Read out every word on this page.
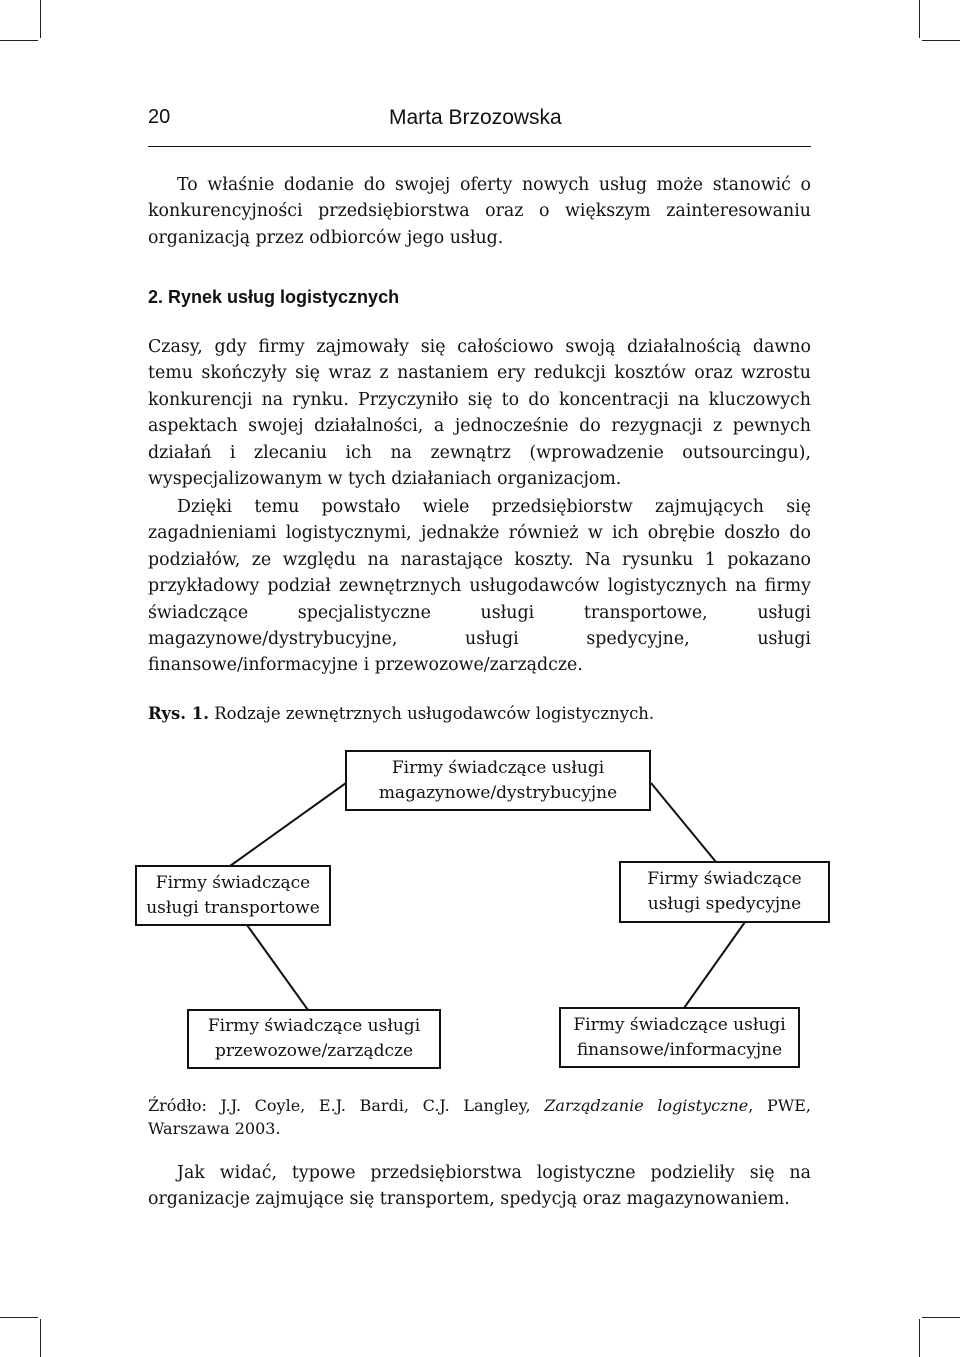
20	Marta Brzozowska

To właśnie dodanie do swojej oferty nowych usług może stanowić o konkurencyjności przedsiębiorstwa oraz o większym zainteresowaniu organizacją przez odbiorców jego usług.

2. Rynek usług logistycznych

Czasy, gdy firmy zajmowały się całościowo swoją działalnością dawno temu skończyły się wraz z nastaniem ery redukcji kosztów oraz wzrostu konkurencji na rynku. Przyczyniło się to do koncentracji na kluczowych aspektach swojej działalności, a jednocześnie do rezygnacji z pewnych działań i zlecaniu ich na zewnątrz (wprowadzenie outsourcingu), wyspecjalizowanym w tych działaniach organizacjom.

Dzięki temu powstało wiele przedsiębiorstw zajmujących się zagadnieniami logistycznymi, jednakże również w ich obrębie doszło do podziałów, ze względu na narastające koszty. Na rysunku 1 pokazano przykładowy podział zewnętrznych usługodawców logistycznych na firmy świadczące specjalistyczne usługi transportowe, usługi magazynowe/dystrybucyjne, usługi spedycyjne, usługi finansowe/informacyjne i przewozowe/zarządcze.

Rys. 1. Rodzaje zewnętrznych usługodawców logistycznych.

Firmy świadczące usługi
magazynowe/dystrybucyjne
Firmy świadczące
usługi transportowe
Firmy świadczące
usługi spedycyjne
Firmy świadczące usługi
przewozowe/zarządcze
Firmy świadczące usługi
finansowe/informacyjne

Źródło: J.J. Coyle, E.J. Bardi, C.J. Langley, Zarządzanie logistyczne, PWE, Warszawa 2003.

Jak widać, typowe przedsiębiorstwa logistyczne podzieliły się na organizacje zajmujące się transportem, spedycją oraz magazynowaniem.
